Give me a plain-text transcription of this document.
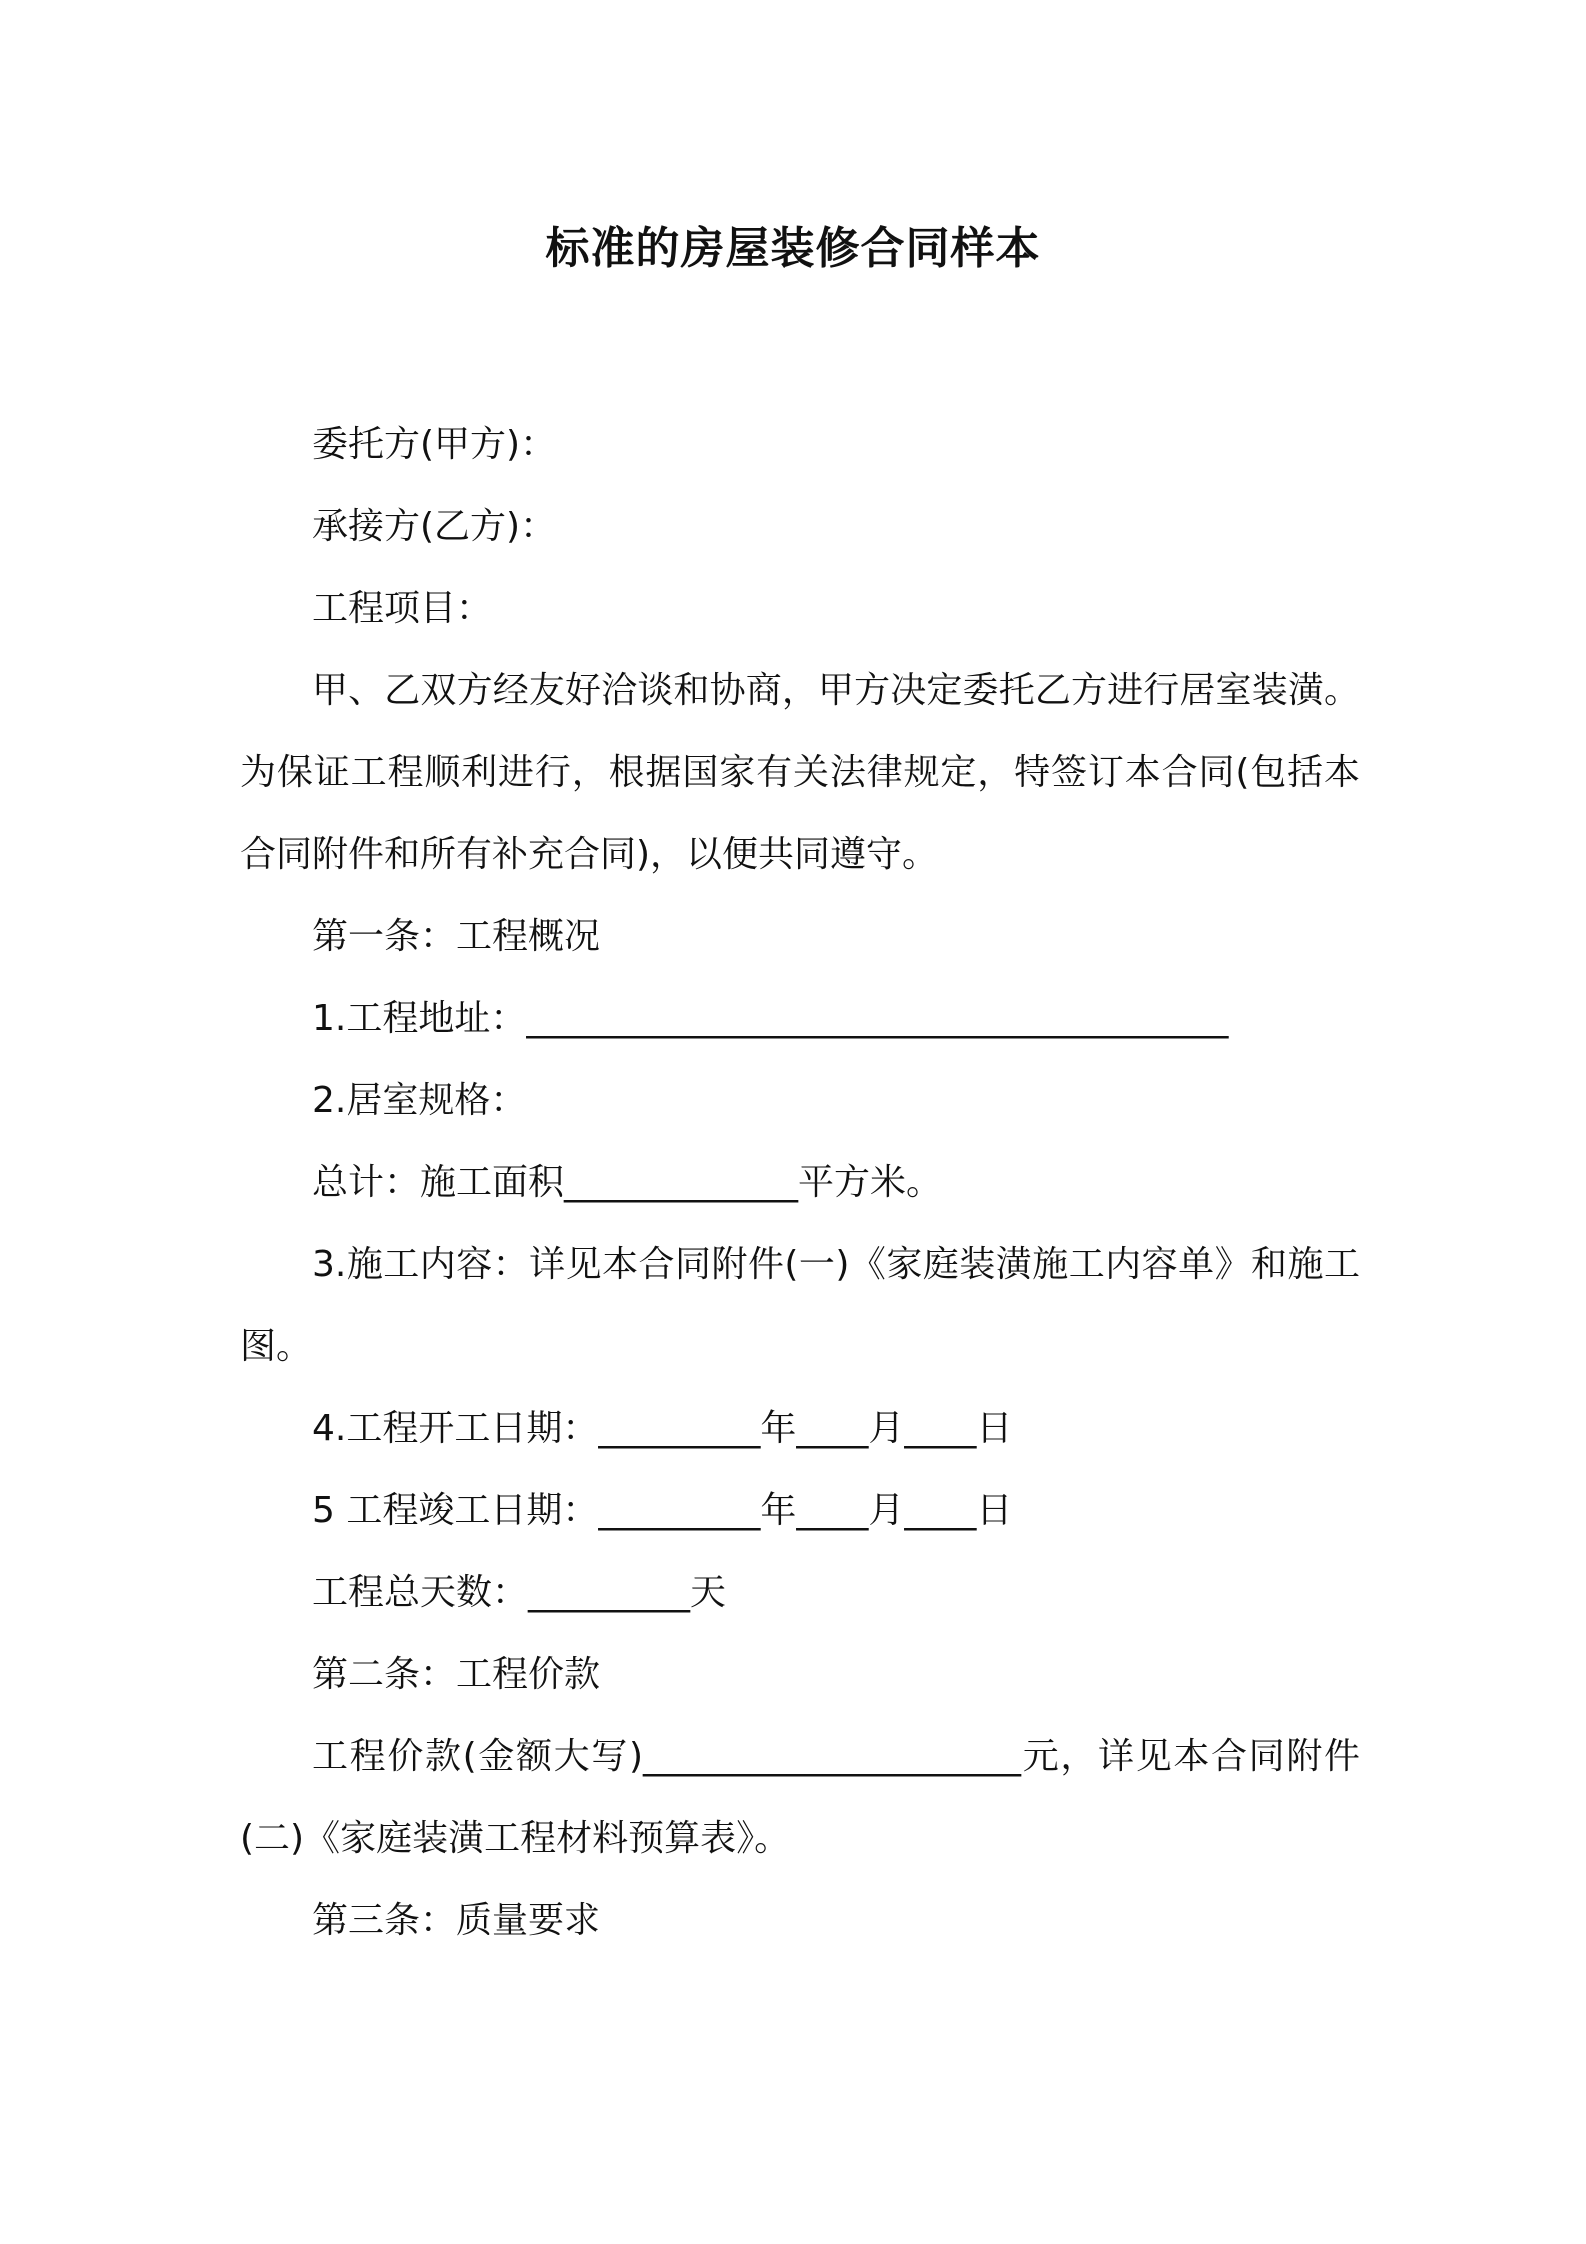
标准的房屋装修合同样本

委托方(甲方)：

承接方(乙方)：

工程项目：

甲、乙双方经友好洽谈和协商，甲方决定委托乙方进行居室装潢。为保证工程顺利进行，根据国家有关法律规定，特签订本合同(包括本合同附件和所有补充合同)，以便共同遵守。

第一条：工程概况

1.工程地址：_______________________________________

2.居室规格：

总计：施工面积_____________平方米。

3.施工内容：详见本合同附件(一)《家庭装潢施工内容单》和施工图。

4.工程开工日期：_________年____月____日

5 工程竣工日期：_________年____月____日

工程总天数：_________天

第二条：工程价款

工程价款(金额大写)_____________________元，详见本合同附件(二)《家庭装潢工程材料预算表》。

第三条：质量要求
